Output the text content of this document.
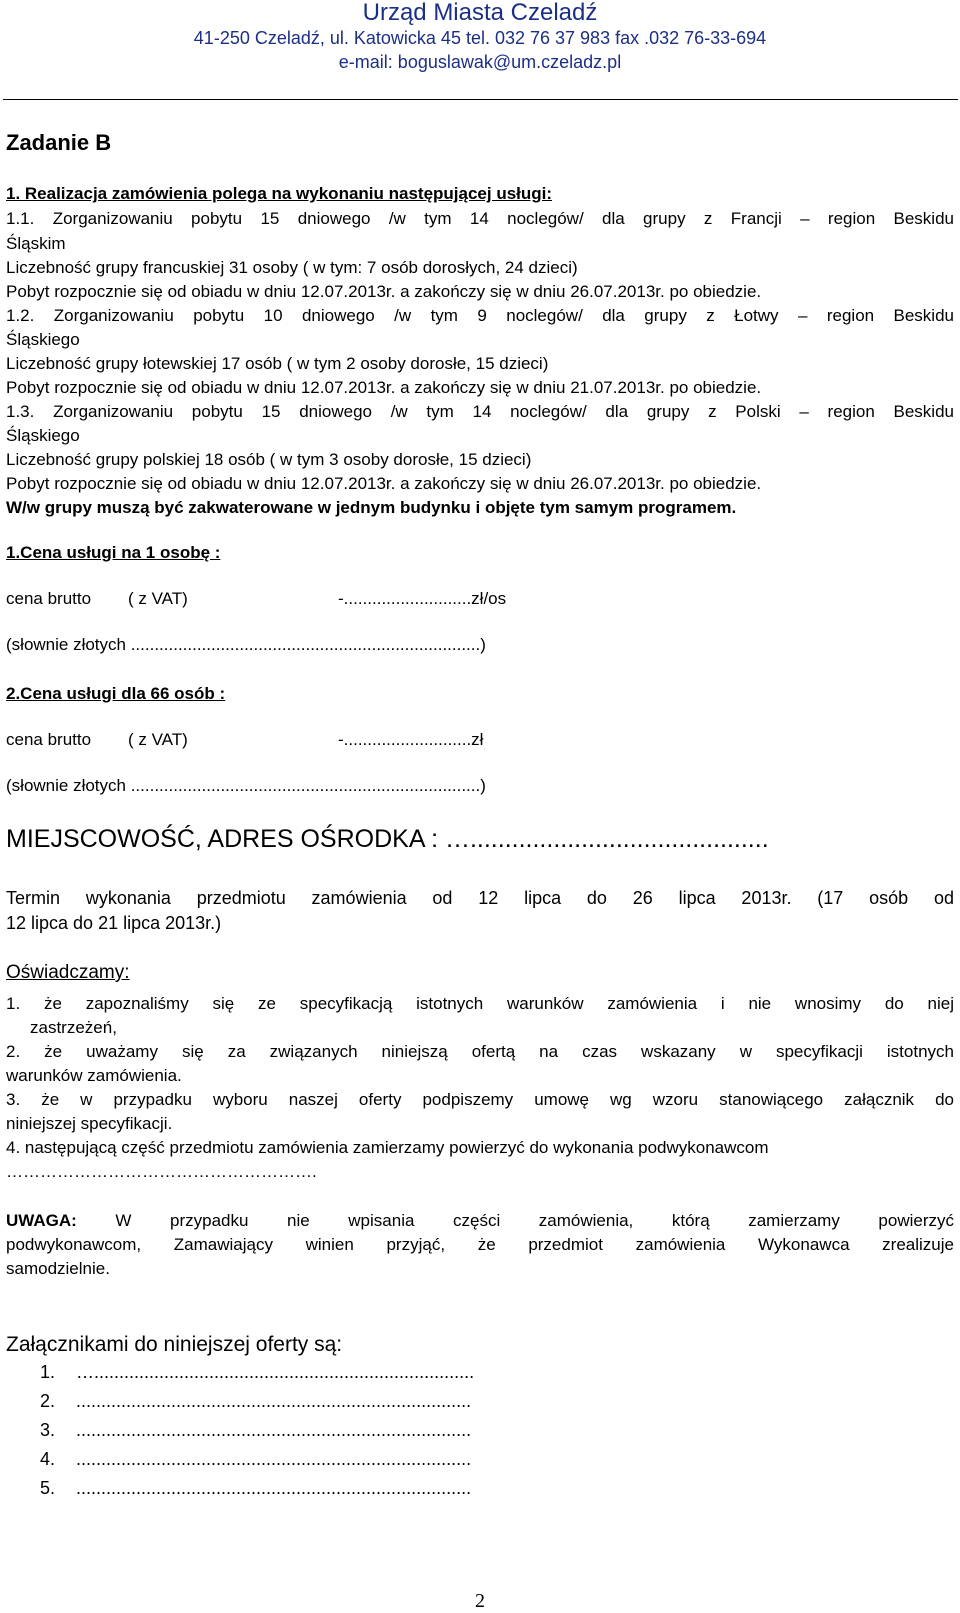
Urząd Miasta Czeladź
41-250 Czeladź, ul. Katowicka 45 tel. 032 76 37 983 fax .032 76-33-694
e-mail: boguslawak@um.czeladz.pl
Zadanie B
1. Realizacja zamówienia polega na wykonaniu następującej usługi:
1.1. Zorganizowaniu pobytu 15 dniowego /w tym 14 noclegów/ dla grupy z Francji – region Beskidu
Śląskim
Liczebność grupy francuskiej 31 osoby ( w tym: 7 osób dorosłych, 24 dzieci)
Pobyt rozpocznie się od obiadu w dniu 12.07.2013r. a zakończy się w dniu 26.07.2013r. po obiedzie.
1.2. Zorganizowaniu pobytu 10 dniowego /w tym 9 noclegów/ dla grupy z Łotwy – region Beskidu
Śląskiego
Liczebność grupy łotewskiej 17 osób ( w tym 2 osoby dorosłe, 15 dzieci)
Pobyt rozpocznie się od obiadu w dniu 12.07.2013r. a zakończy się w dniu 21.07.2013r. po obiedzie.
1.3. Zorganizowaniu pobytu 15 dniowego /w tym 14 noclegów/ dla grupy z Polski – region Beskidu
Śląskiego
Liczebność grupy polskiej 18 osób ( w tym 3 osoby dorosłe, 15 dzieci)
Pobyt rozpocznie się od obiadu w dniu 12.07.2013r. a zakończy się w dniu 26.07.2013r. po obiedzie.
W/w grupy muszą być zakwaterowane w jednym budynku i objęte tym samym programem.
1.Cena usługi na 1 osobę :
cena brutto ( z VAT)	-...........................zł/os
(słownie złotych ..........................................................................)
2.Cena usługi dla 66 osób :
cena brutto ( z VAT)	-...........................zł
(słownie złotych ..........................................................................)
MIEJSCOWOŚĆ, ADRES OŚRODKA : …...........................................
Termin wykonania przedmiotu zamówienia od 12 lipca do 26 lipca 2013r. (17 osób od
12 lipca do 21 lipca 2013r.)
Oświadczamy:
1. że zapoznaliśmy się ze specyfikacją istotnych warunków zamówienia i nie wnosimy do niej
zastrzeżeń,
2. że uważamy się za związanych niniejszą ofertą na czas wskazany w specyfikacji istotnych
warunków zamówienia.
3. że w przypadku wyboru naszej oferty podpiszemy umowę wg wzoru stanowiącego załącznik do
niniejszej specyfikacji.
4. następującą część przedmiotu zamówienia zamierzamy powierzyć do wykonania podwykonawcom
……………………………………………….
UWAGA: W przypadku nie wpisania części zamówienia, którą zamierzamy powierzyć
podwykonawcom, Zamawiający winien przyjąć, że przedmiot zamówienia Wykonawca zrealizuje
samodzielnie.
Załącznikami do niniejszej oferty są:
1. …............................................................................
2. ...............................................................................
3. ...............................................................................
4. ...............................................................................
5. ...............................................................................
2
